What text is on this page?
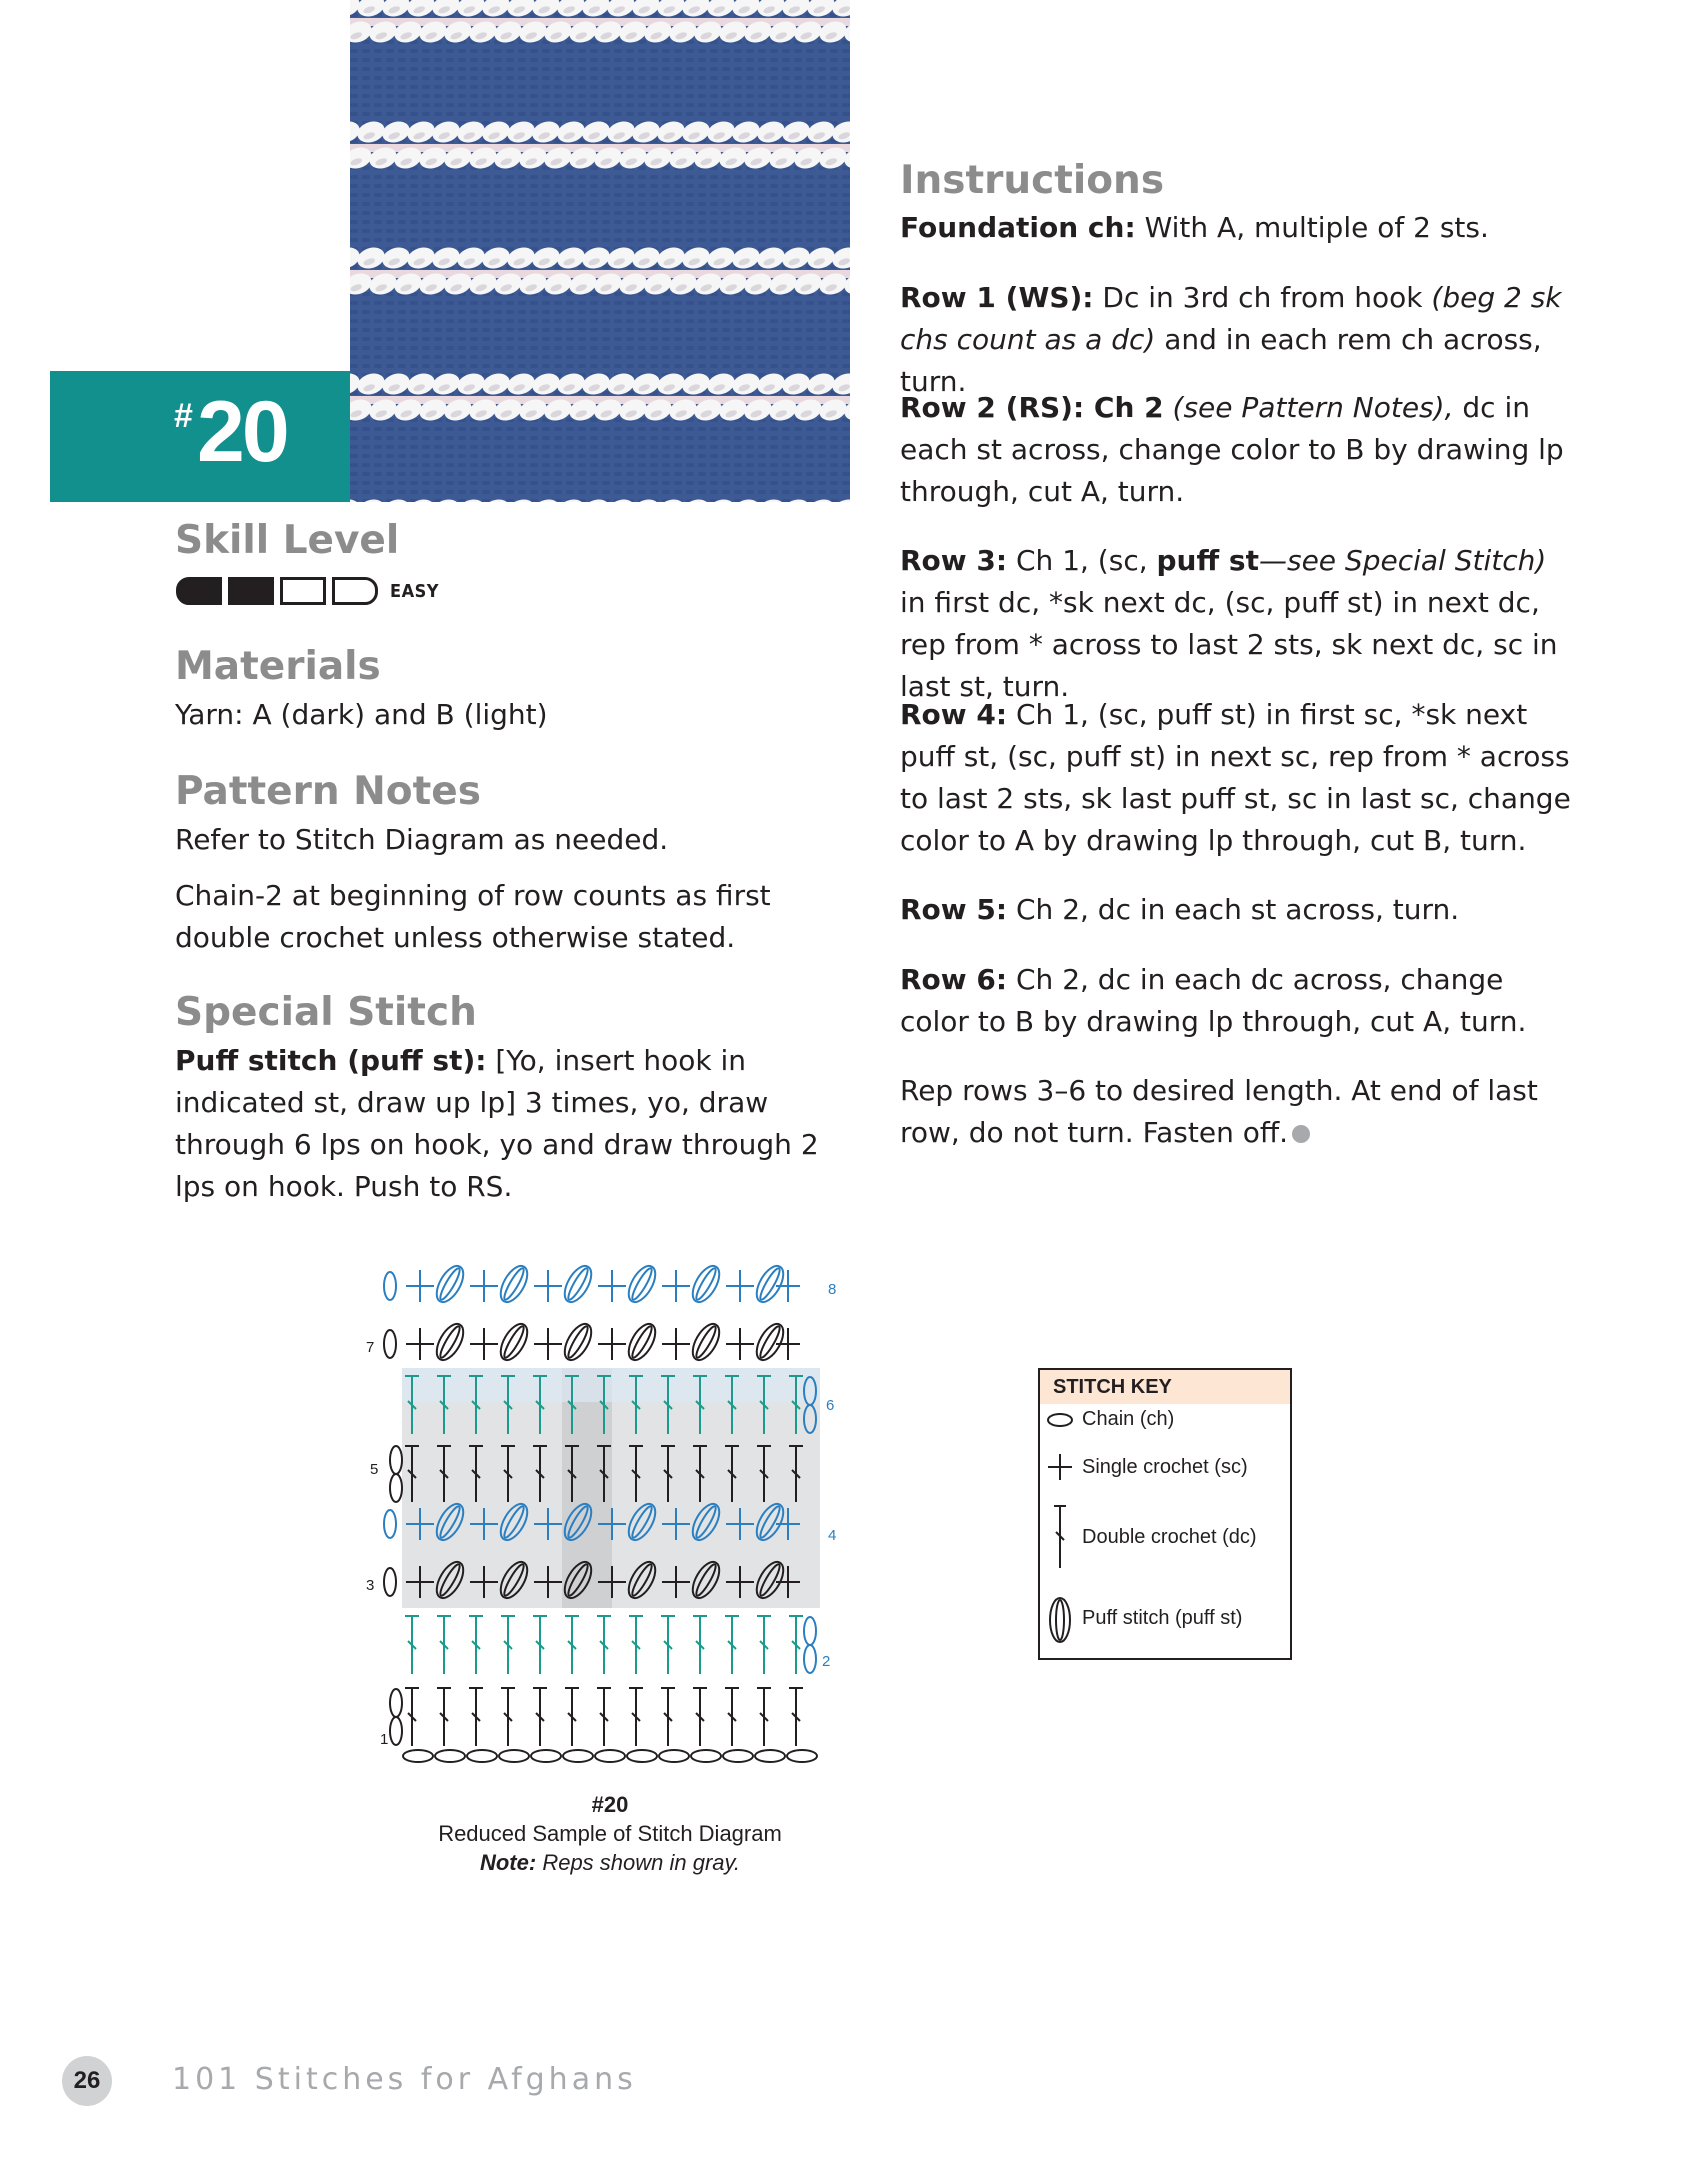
# 20
Skill Level
EASY
Materials

Yarn: A (dark) and B (light)

Pattern Notes

Refer to Stitch Diagram as needed.

Chain-2 at beginning of row counts as first double crochet unless otherwise stated.

Special Stitch

Puff stitch (puff st): [Yo, insert hook in indicated st, draw up lp] 3 times, yo, draw through 6 lps on hook, yo and draw through 2 lps on hook. Push to RS.

Instructions

Foundation ch: With A, multiple of 2 sts.

Row 1 (WS): Dc in 3rd ch from hook (beg 2 sk chs count as a dc) and in each rem ch across, turn.

Row 2 (RS): Ch 2 (see Pattern Notes), dc in each st across, change color to B by drawing lp through, cut A, turn.

Row 3: Ch 1, (sc, puff st—see Special Stitch) in first dc, *sk next dc, (sc, puff st) in next dc, rep from * across to last 2 sts, sk next dc, sc in last st, turn.

Row 4: Ch 1, (sc, puff st) in first sc, *sk next puff st, (sc, puff st) in next sc, rep from * across to last 2 sts, sk last puff st, sc in last sc, change color to A by drawing lp through, cut B, turn.

Row 5: Ch 2, dc in each st across, turn.

Row 6: Ch 2, dc in each dc across, change color to B by drawing lp through, cut A, turn.

Rep rows 3–6 to desired length. At end of last row, do not turn. Fasten off.

1
2
3
4
5
6
7
8
#20
Reduced Sample of Stitch Diagram
Note: Reps shown in gray.
STITCH KEY
Chain (ch)
Single crochet (sc)
Double crochet (dc)
Puff stitch (puff st)
26	101 Stitches for Afghans
